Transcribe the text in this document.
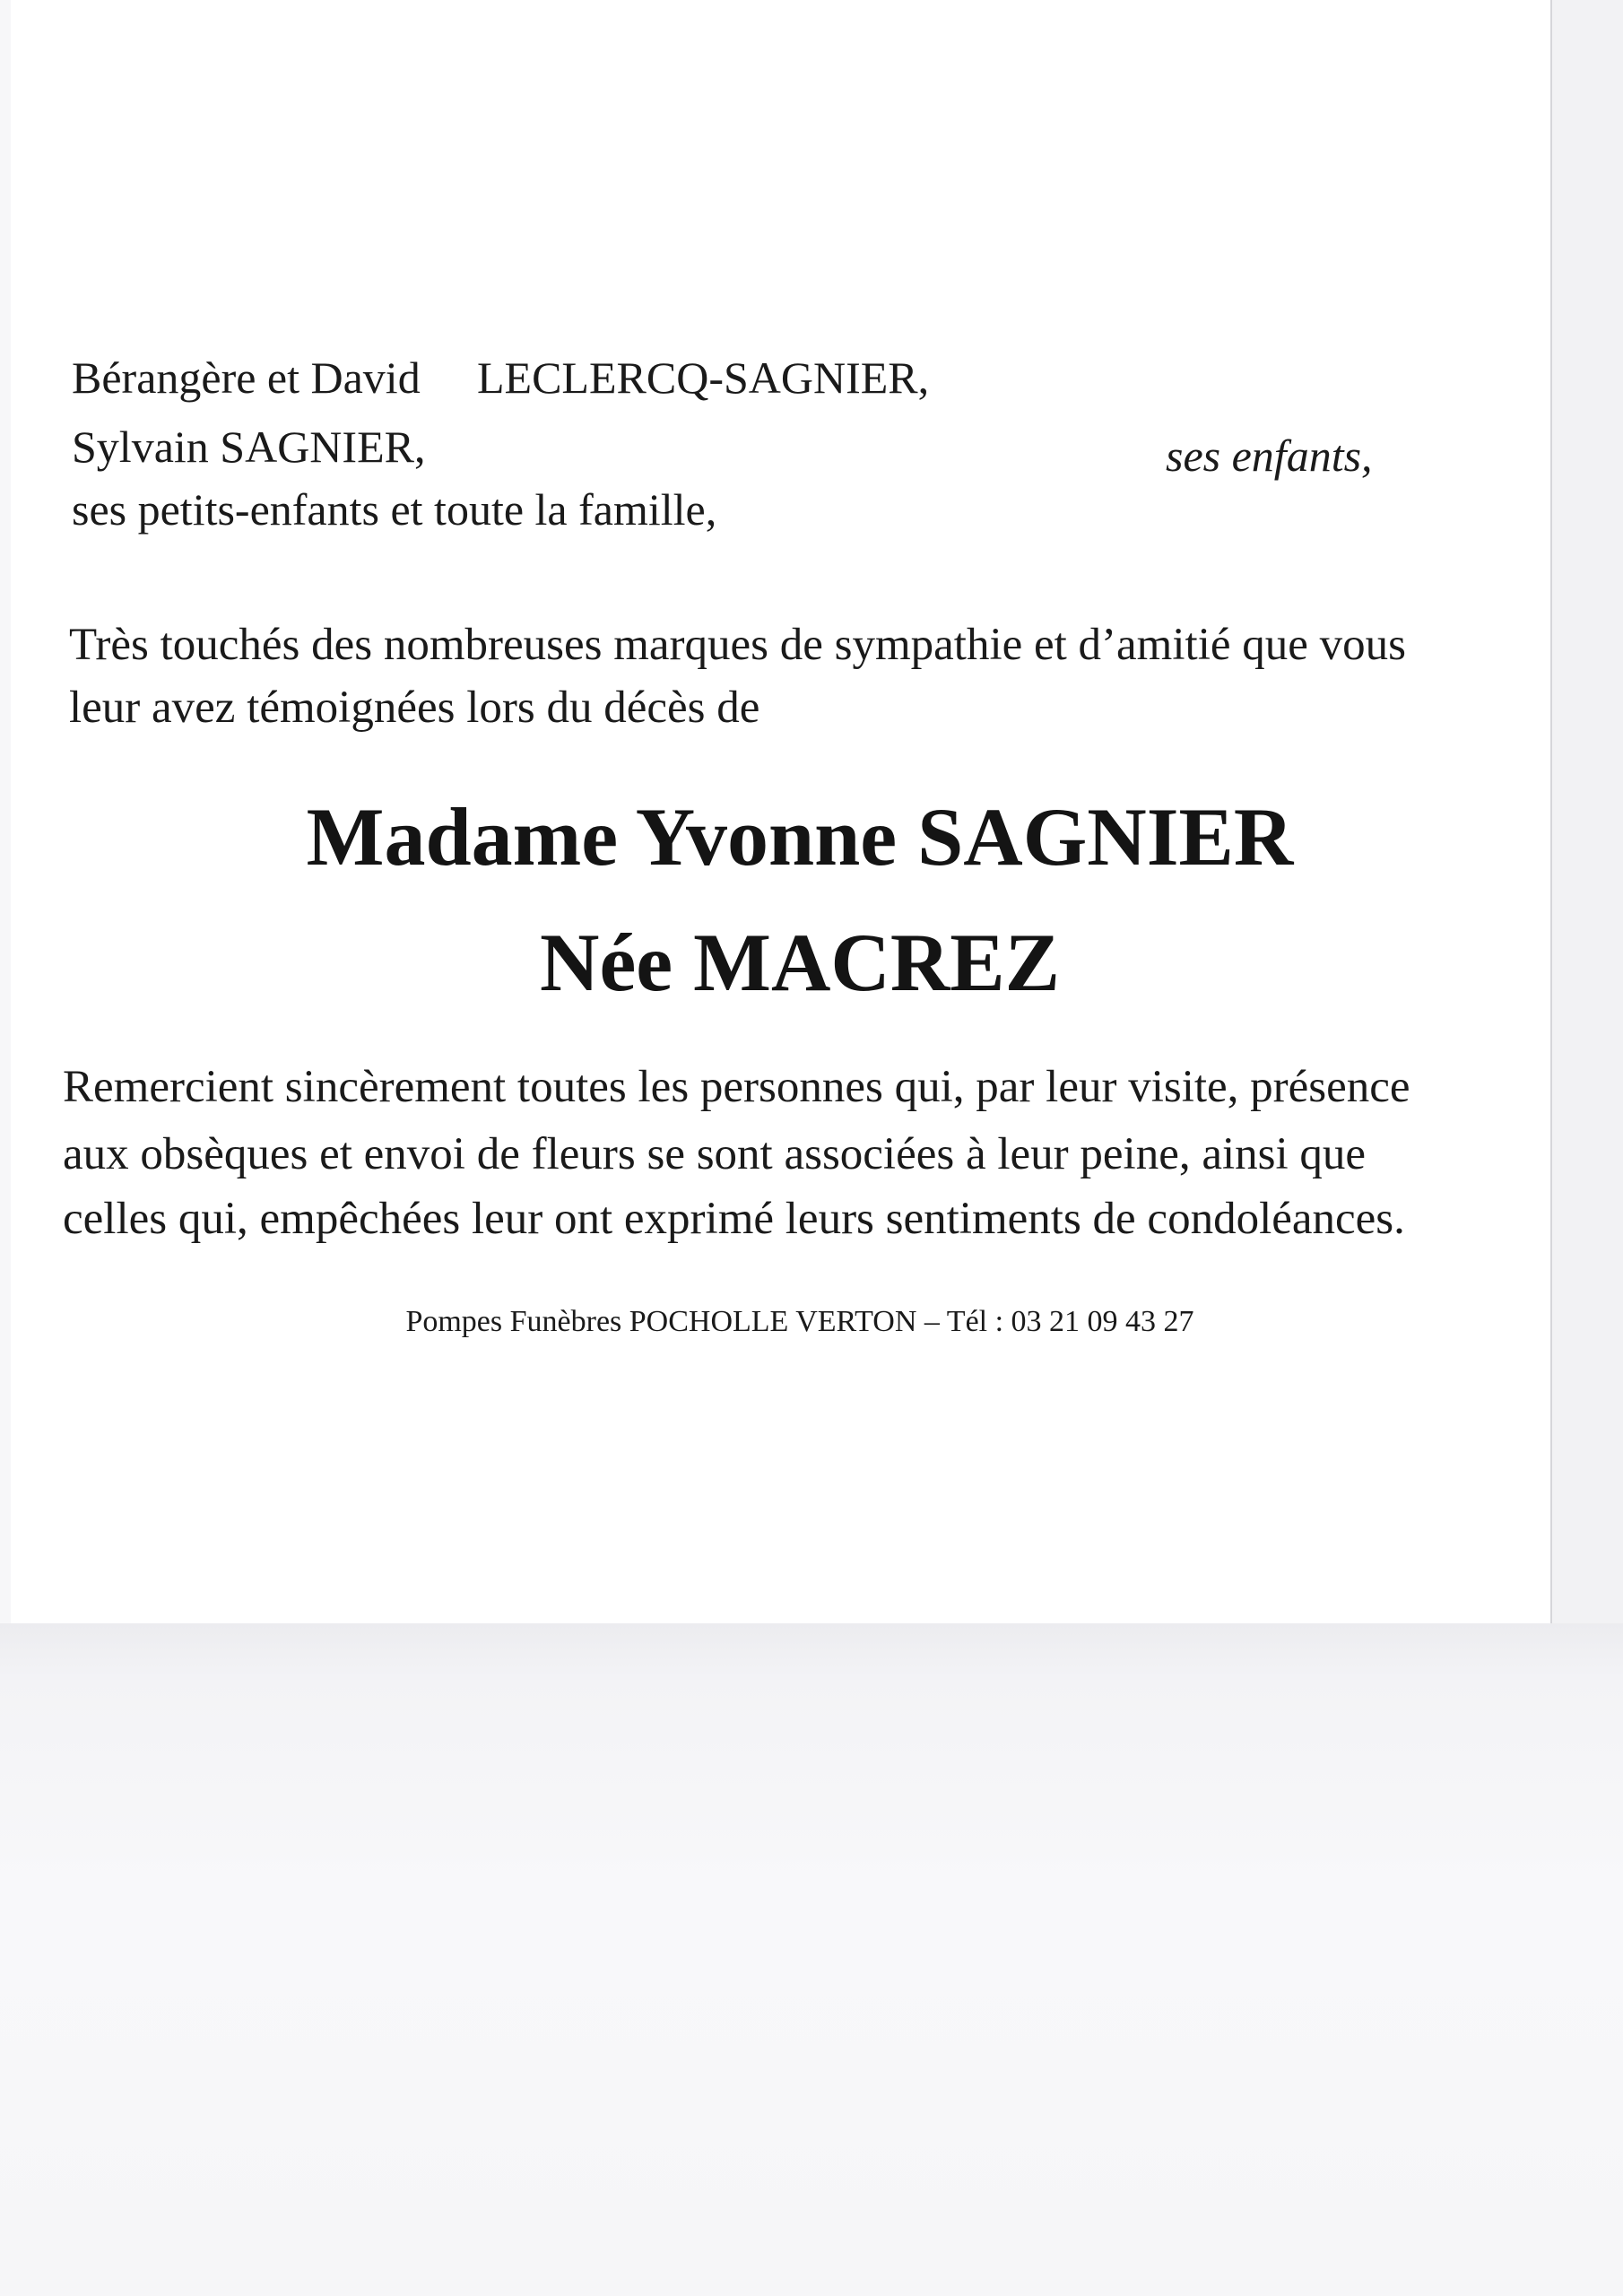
Bérangère et David LECLERCQ-SAGNIER,
Sylvain SAGNIER,	ses enfants,
ses petits-enfants et toute la famille,
Très touchés des nombreuses marques de sympathie et d’amitié que vous
leur avez témoignées lors du décès de
Madame Yvonne SAGNIER
Née MACREZ
Remercient sincèrement toutes les personnes qui, par leur visite, présence
aux obsèques et envoi de fleurs se sont associées à leur peine, ainsi que
celles qui, empêchées leur ont exprimé leurs sentiments de condoléances.
Pompes Funèbres POCHOLLE VERTON – Tél : 03 21 09 43 27
